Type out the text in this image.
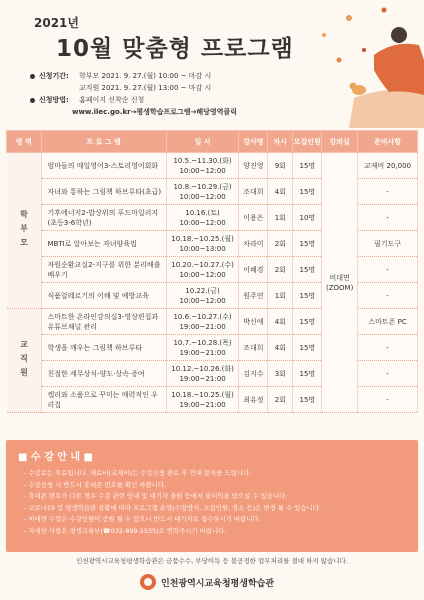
2021년
10월 맞춤형 프로그램
신청기간:	학부모 2021. 9. 27.(월) 10:00 ~ 마감 시
교직원 2021. 9. 27.(월) 13:00 ~ 마감 시
신청방법:	홈페이지 선착순 신청
www.ilec.go.kr→평생학습프로그램→해당영역클릭
영 역	프 로 그 램	일 시	강사명	차시	모집인원	강의실	준비사항
학부모	엄마들의 매일영어3-스토리영어회화	10.5.~11.30.(화)
10:00~12:00	양진영	9회	15명	비대면(ZOOM)	교재비 20,000
	자녀와 통하는 그림책 하브루타(초급)	10.8.~10.29.(금)
10:00~12:00	조대희	4회	15명		-
	기후에너지2-밥상위의 푸드마일리지(초등3-6학년)	10.16.(토)
10:00~12:00	이용은	1회	10명		-
	MBTI로 알아보는 자녀양육법	10.18.~10.25.(월)
10:00~13:00	차라미	2회	15명		필기도구
	자원순환교실2-지구를 위한 분리배출 배우기	10.20.~10.27.(수)
10:00~12:00	이혜경	2회	15명		-
	식품알레르기의 이해 및 예방교육	10.22.(금)
10:00~12:00	원주연	1회	15명		-
교직원	스마트한 온라인강의실3-영상편집과 유튜브채널 관리	10.6.~10.27.(수)
19:00~21:00	박신애	4회	15명		스마트폰 PC
	학생을 깨우는 그림책 하브루타	10.7.~10.28.(목)
19:00~21:00	조대희	4회	15명		-
	친절한 세무상식-양도·상속·증여	10.12.~10.26.(화)
19:00~21:00	김지수	3회	15명		-
	캘리와 소품으로 꾸미는 매력적인 우리집	10.18.~10.25.(월)
19:00~21:00	최유정	2회	15명		-
■ 수 강 안 내 ■
- 수강료는 무료입니다. 재료비(교재비)는 수강신청 완료 후 안내 문자를 드립니다.
- 수강신청 시 반드시 휴대폰 번호를 확인 바랍니다.
- 휴대폰 번호가 다른 경우 수강 관련 안내 및 대기자 충원 등에서 불이익을 받으실 수 있습니다.
- 코로나19 및 평생학습관 상황에 따라 프로그램 운영(수업방식, 모집인원, 장소 등)은 변경 될 수 있습니다.
- 비대면 수업은 수강인원이 증원 될 수 있으니 반드시 대기자로 접수하시기 바랍니다.
- 자세한 사항은 평생교육부(☎032-899-1535)로 연락주시기 바랍니다.
인천광역시교육청평생학습관은 금품수수, 부당이득 등 불공정한 업무처리를 절대 하지 않습니다.
인천광역시교육청평생학습관
